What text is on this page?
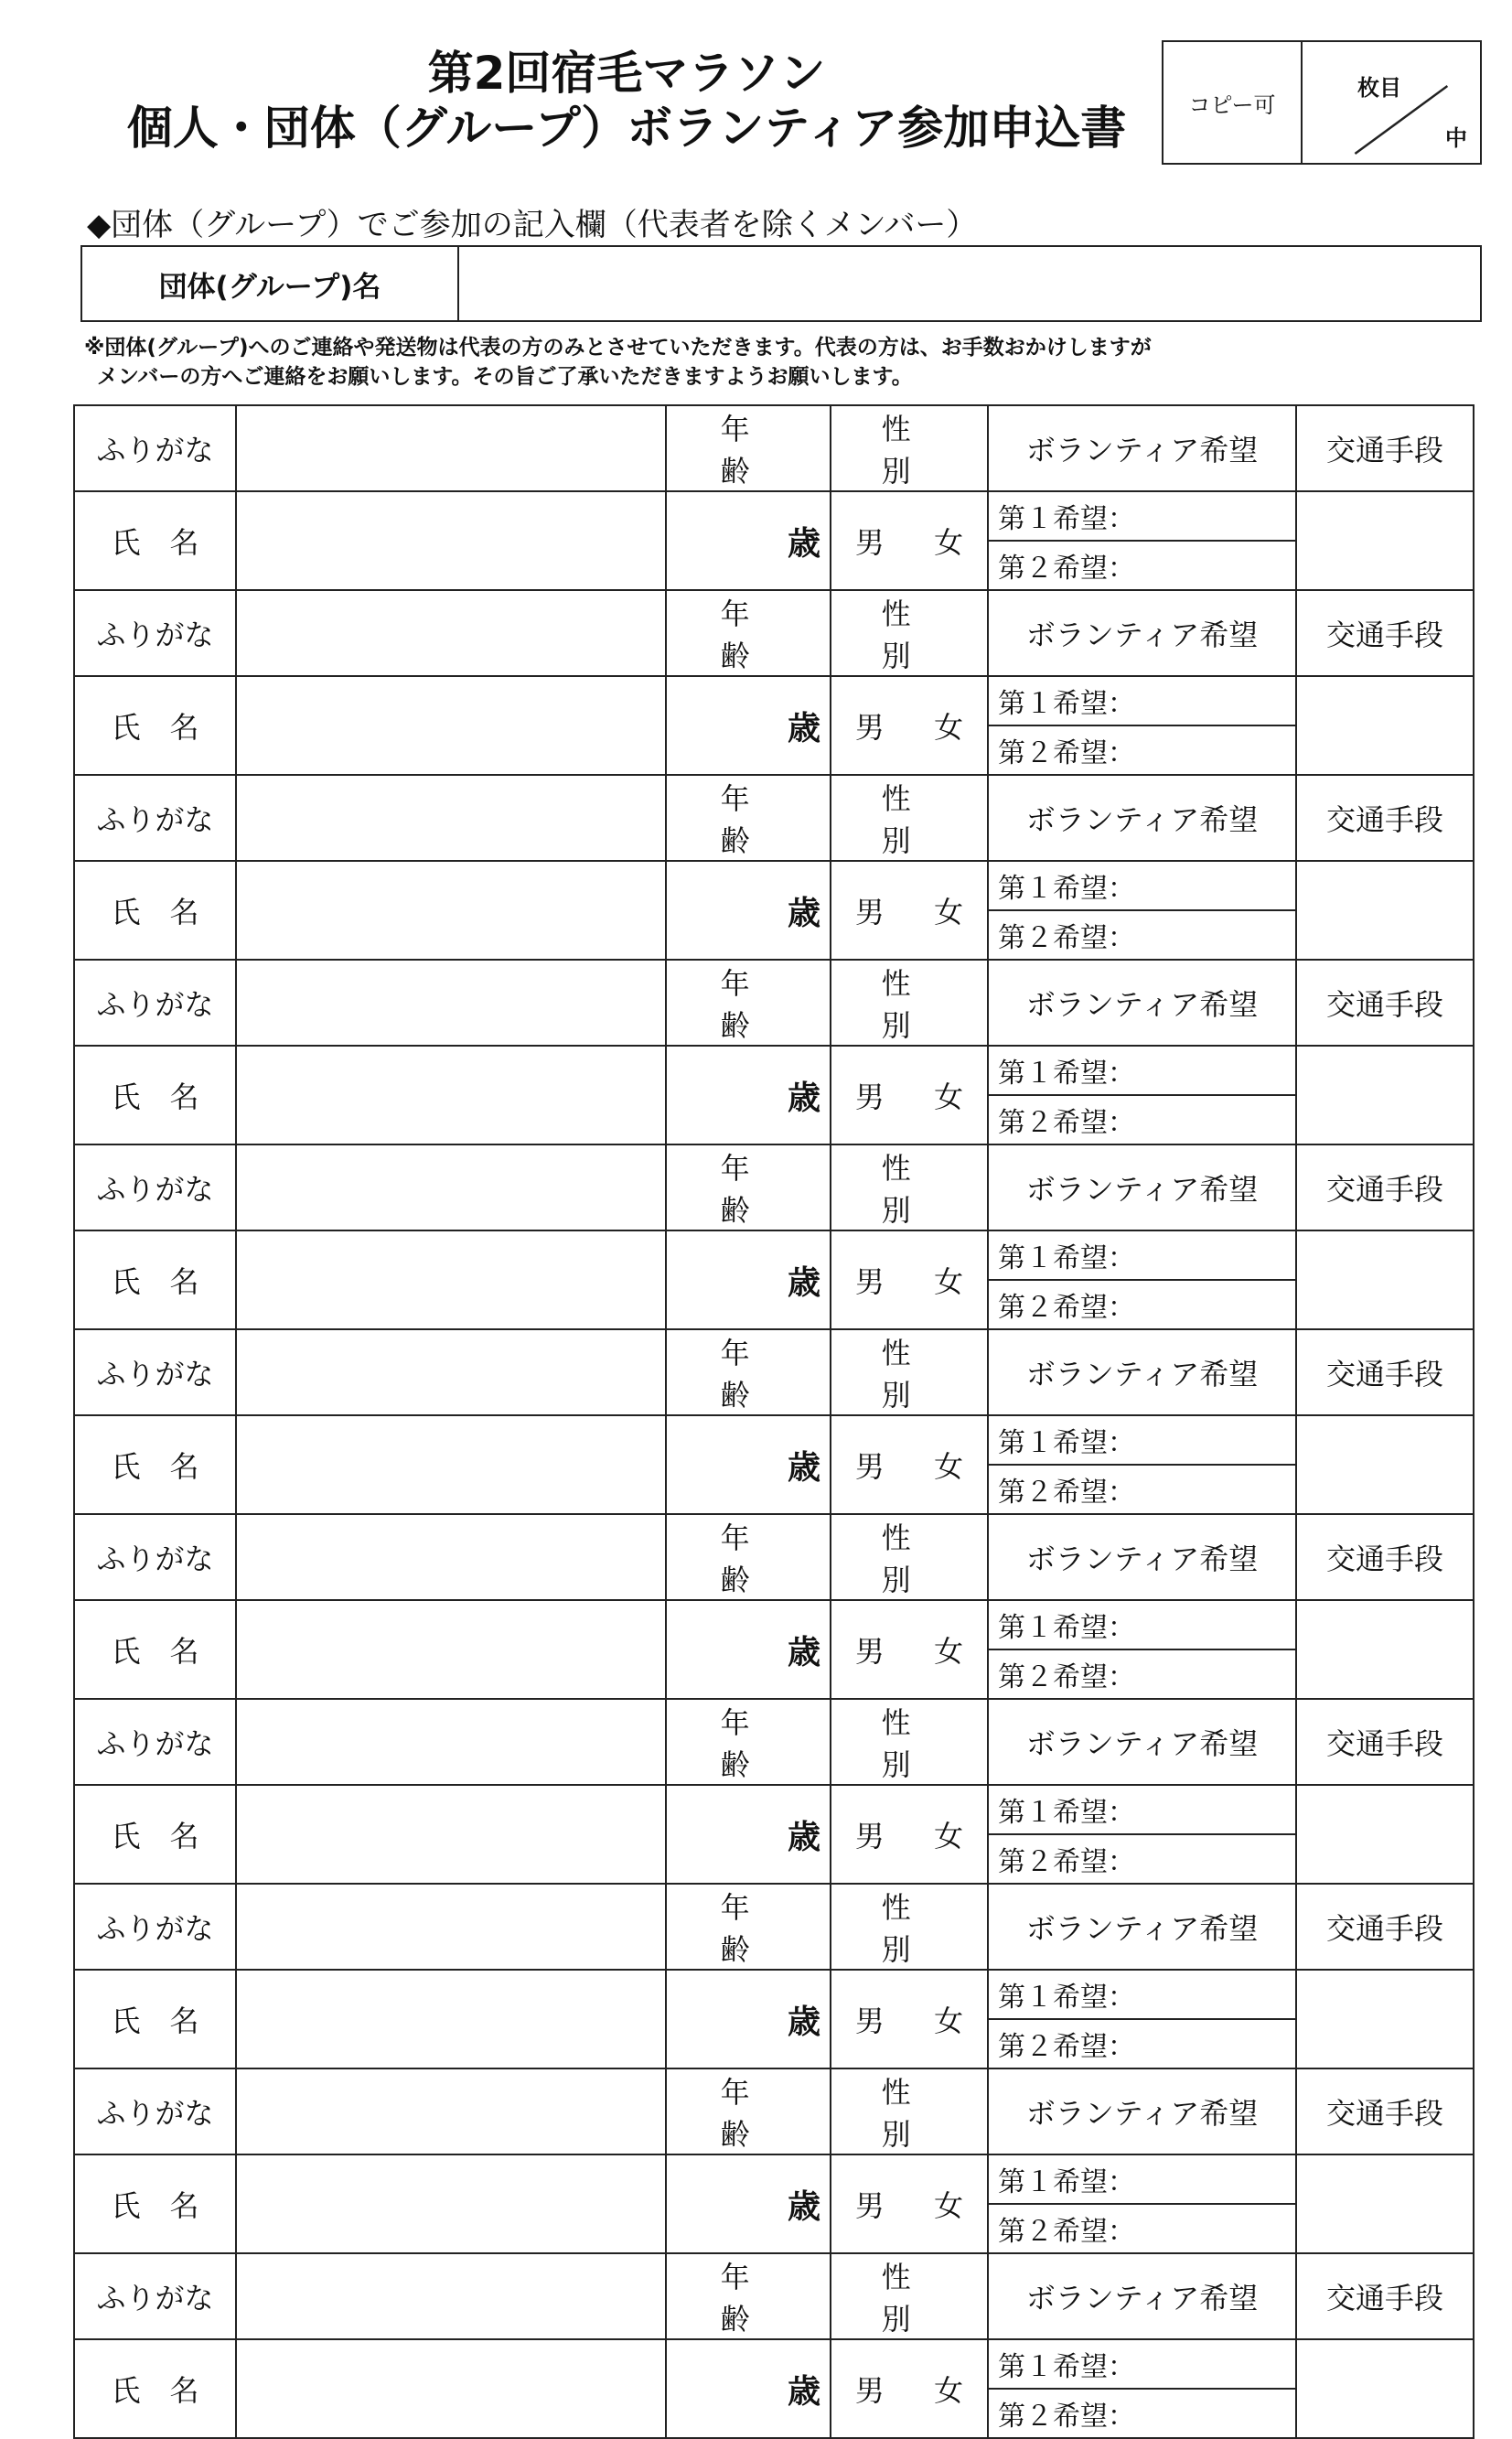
第2回宿毛マラソン
個人・団体（グループ）ボランティア参加申込書	コピー可
枚目
中
◆団体（グループ）でご参加の記入欄（代表者を除くメンバー）
団体(グループ)名
※団体(グループ)へのご連絡や発送物は代表の方のみとさせていただきます。代表の方は、お手数おかけしますが
メンバーの方へご連絡をお願いします。その旨ご了承いただきますようお願いします。
ふりがな		年　齢	性　別	ボランティア希望	交通手段
氏　名		歳	男 女	第１希望：	
				第２希望：	
ふりがな		年　齢	性　別	ボランティア希望	交通手段
氏　名		歳	男 女	第１希望：	
				第２希望：	
ふりがな		年　齢	性　別	ボランティア希望	交通手段
氏　名		歳	男 女	第１希望：	
				第２希望：	
ふりがな		年　齢	性　別	ボランティア希望	交通手段
氏　名		歳	男 女	第１希望：	
				第２希望：	
ふりがな		年　齢	性　別	ボランティア希望	交通手段
氏　名		歳	男 女	第１希望：	
				第２希望：	
ふりがな		年　齢	性　別	ボランティア希望	交通手段
氏　名		歳	男 女	第１希望：	
				第２希望：	
ふりがな		年　齢	性　別	ボランティア希望	交通手段
氏　名		歳	男 女	第１希望：	
				第２希望：	
ふりがな		年　齢	性　別	ボランティア希望	交通手段
氏　名		歳	男 女	第１希望：	
				第２希望：	
ふりがな		年　齢	性　別	ボランティア希望	交通手段
氏　名		歳	男 女	第１希望：	
				第２希望：	
ふりがな		年　齢	性　別	ボランティア希望	交通手段
氏　名		歳	男 女	第１希望：	
				第２希望：	
ふりがな		年　齢	性　別	ボランティア希望	交通手段
氏　名		歳	男 女	第１希望：	
				第２希望：	
